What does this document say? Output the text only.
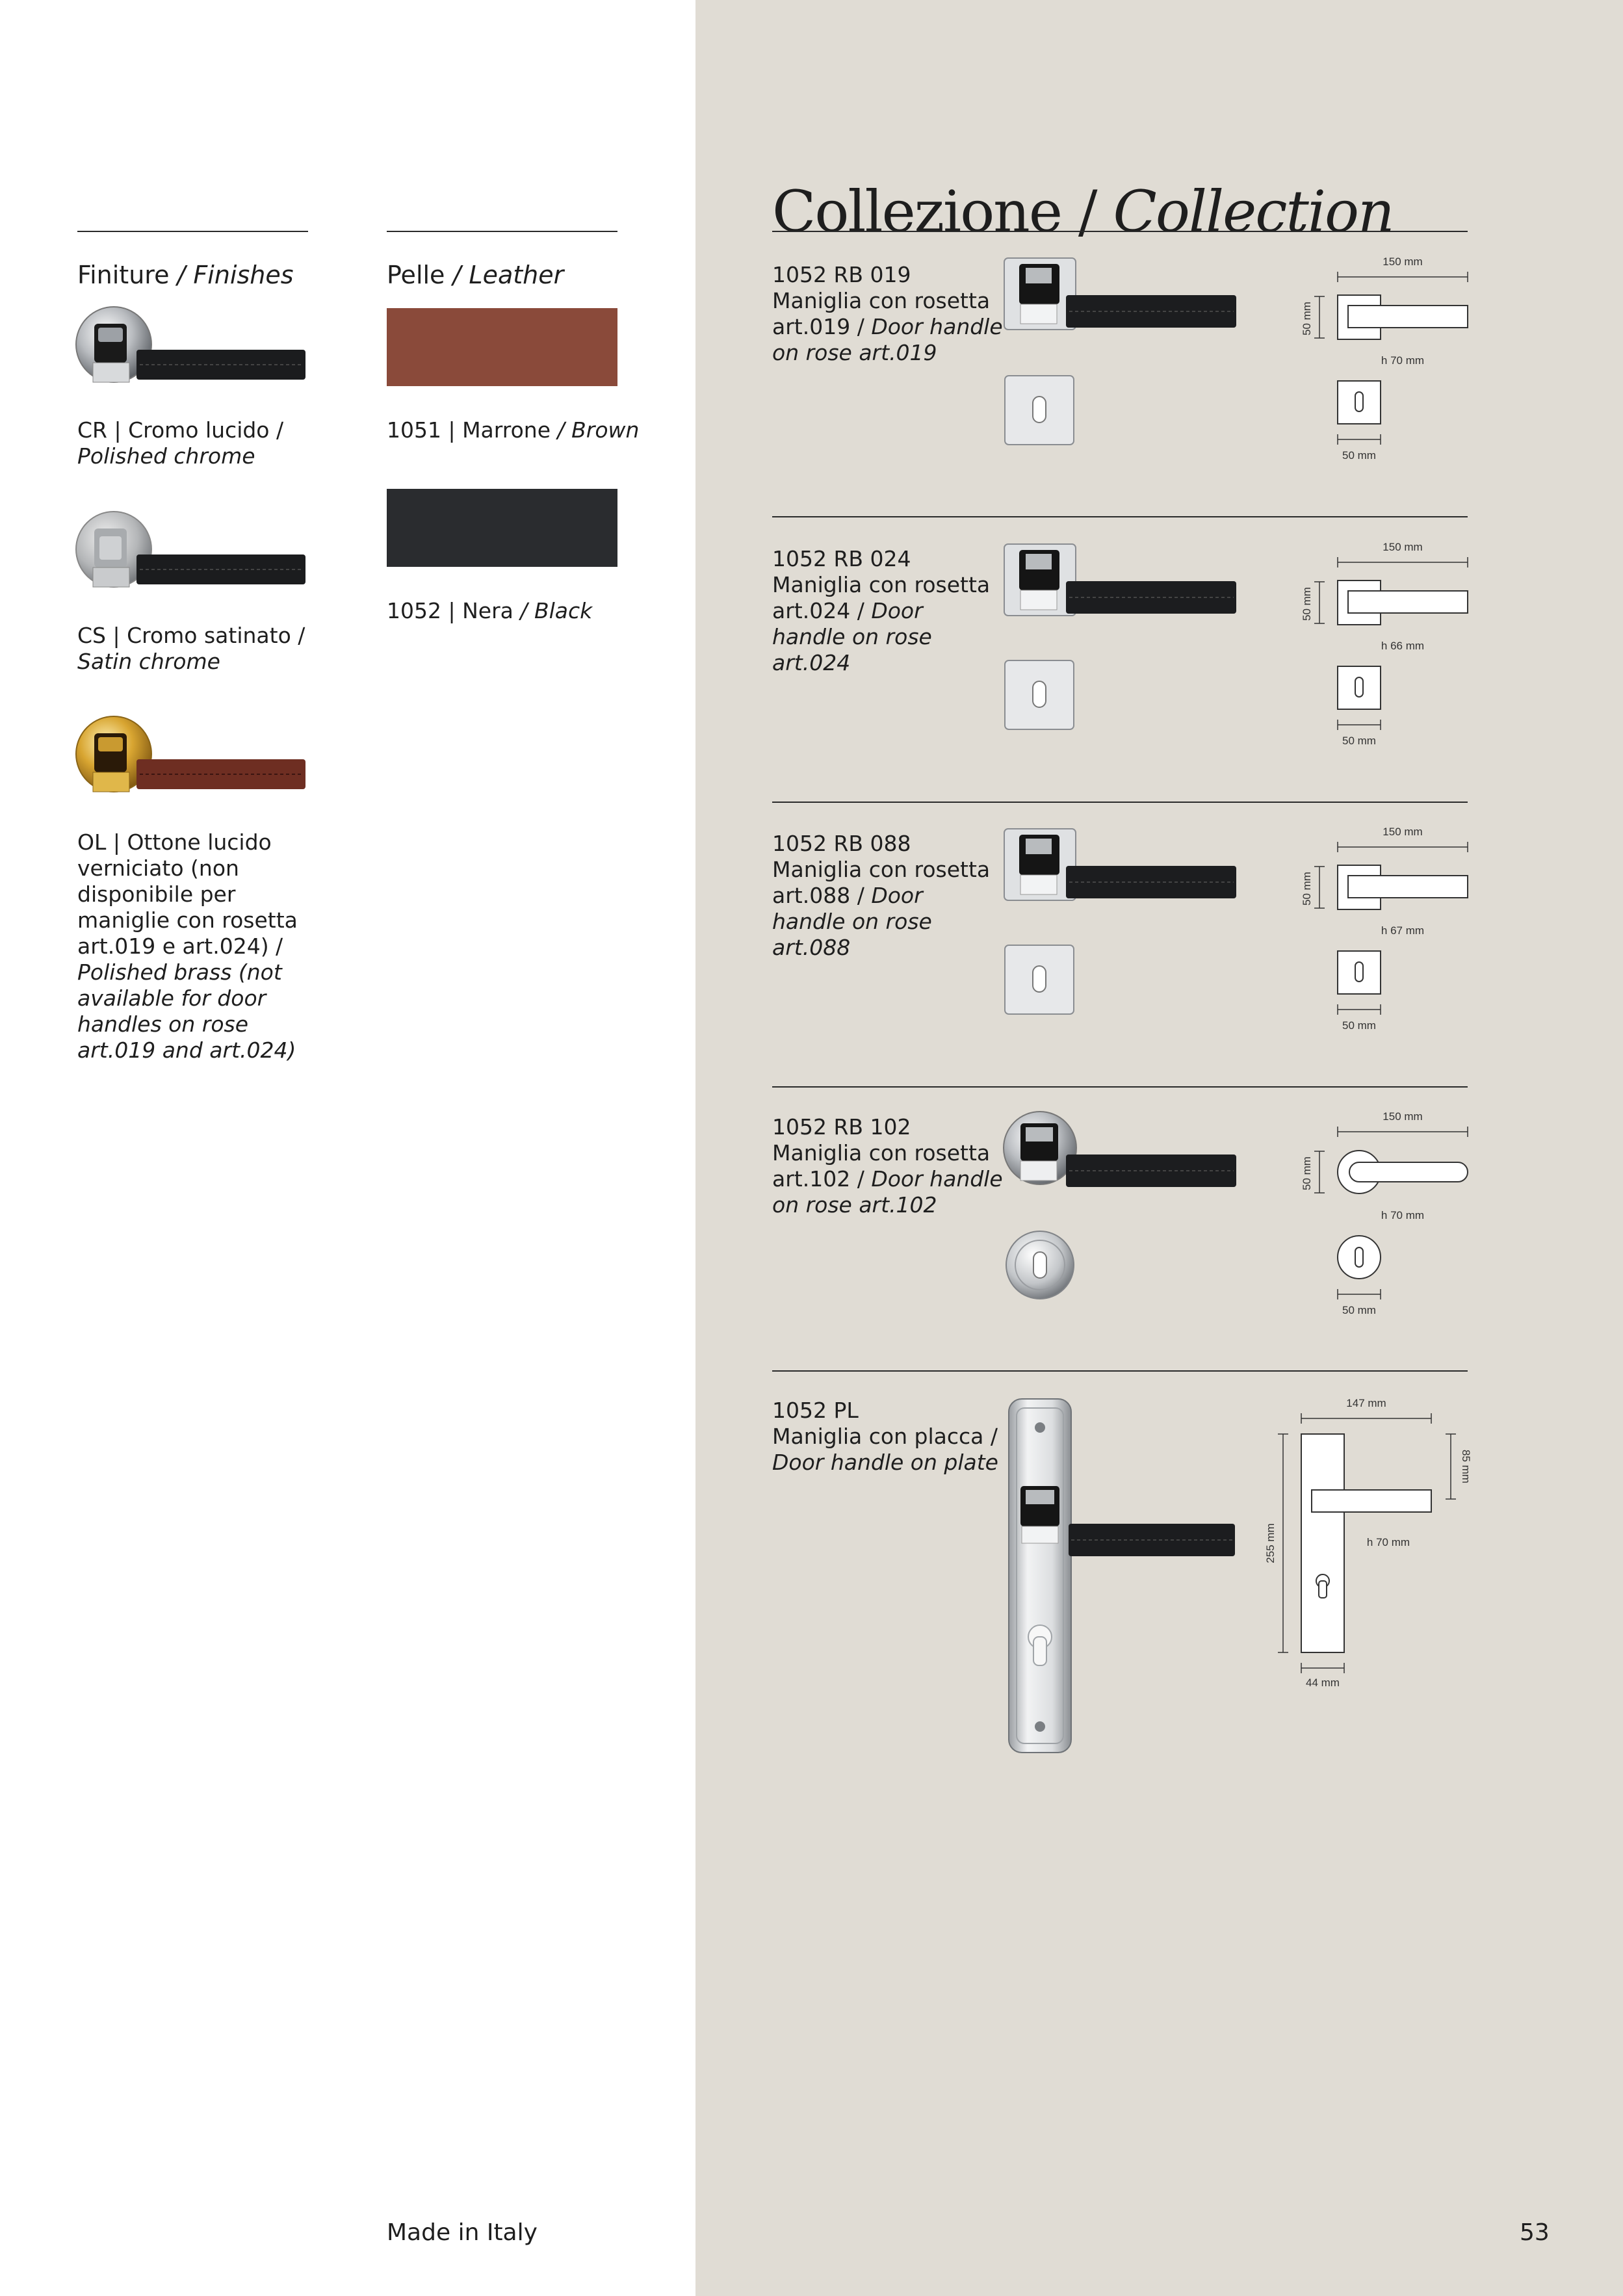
Finiture / Finishes
CR | Cromo lucido /
Polished chrome
CS | Cromo satinato /
Satin chrome
OL | Ottone lucido
verniciato (non
disponibile per
maniglie con rosetta
art.019 e art.024) /
Polished brass (not
available for door
handles on rose
art.019 and art.024)
Pelle / Leather
1051 | Marrone / Brown
1052 | Nera / Black
Collezione / Collection
1052 RB 019
Maniglia con rosetta
art.019 / Door handle
on rose art.019
1052 RB 024
Maniglia con rosetta
art.024 / Door
handle on rose
art.024
1052 RB 088
Maniglia con rosetta
art.088 / Door
handle on rose
art.088
1052 RB 102
Maniglia con rosetta
art.102 / Door handle
on rose art.102
1052 PL
Maniglia con placca /
Door handle on plate
150 mm
50 mm
h 70 mm
50 mm
150 mm
50 mm
h 66 mm
50 mm
150 mm
50 mm
h 67 mm
50 mm
150 mm
50 mm
h 70 mm
50 mm
147 mm
85 mm
255 mm	h 70 mm
44 mm
Made in Italy	53
